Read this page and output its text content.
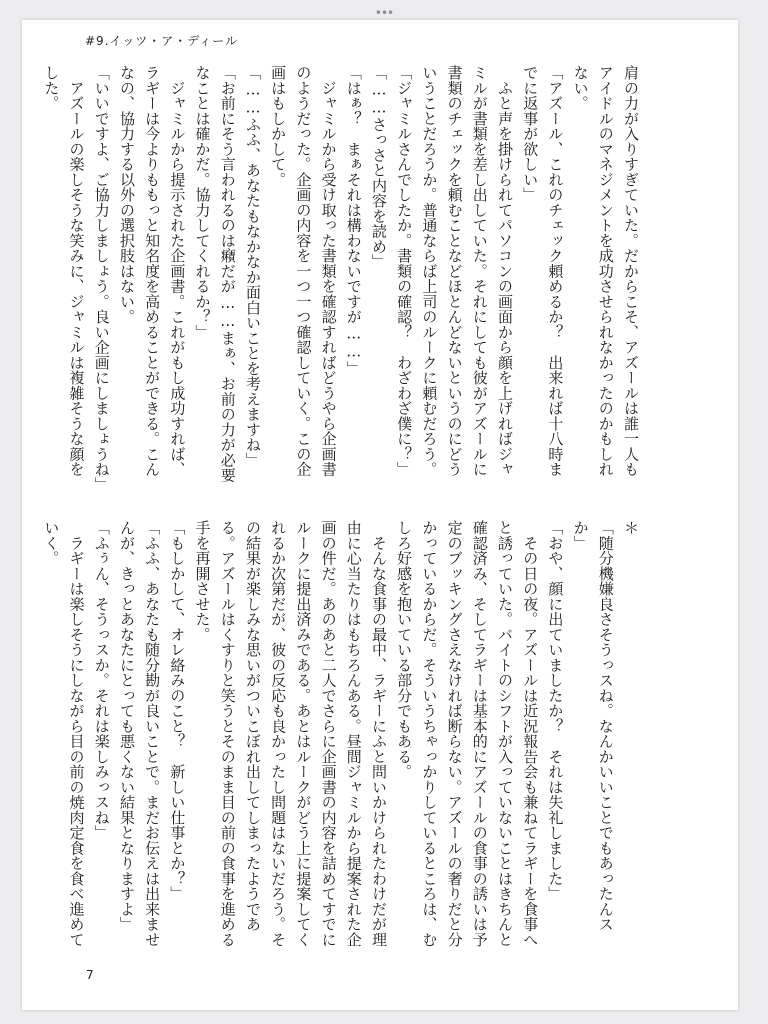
•••
#9.イッツ・ア・ディール

肩の力が入りすぎていた。だからこそ、アズールは誰一人もアイドルのマネジメントを成功させられなかったのかもしれない。

「アズール、これのチェック頼めるか？　出来れば十八時までに返事が欲しい」

　ふと声を掛けられてパソコンの画面から顔を上げればジャミルが書類を差し出していた。それにしても彼がアズールに書類のチェックを頼むことなどほとんどないというのにどういうことだろうか。普通ならば上司のルークに頼むだろう。

「ジャミルさんでしたか。書類の確認？　わざわざ僕に？」

「……さっさと内容を読め」

「はぁ？　まぁそれは構わないですが……」

　ジャミルから受け取った書類を確認すればどうやら企画書のようだった。企画の内容を一つ一つ確認していく。この企画はもしかして。

「……ふふ、あなたもなかなか面白いことを考えますね」

「お前にそう言われるのは癪だが……まぁ、お前の力が必要なことは確かだ。協力してくれるか？」

　ジャミルから提示された企画書。これがもし成功すれば、ラギーは今よりももっと知名度を高めることができる。こんなの、協力する以外の選択肢はない。

「いいですよ、ご協力しましょう。良い企画にしましょうね」

　アズールの楽しそうな笑みに、ジャミルは複雑そうな顔をした。

＊

「随分機嫌良さそうっスね。なんかいいことでもあったんスか」

「おや、顔に出ていましたか？　それは失礼しました」

　その日の夜。アズールは近況報告会も兼ねてラギーを食事へと誘っていた。バイトのシフトが入っていないことはきちんと確認済み、そしてラギーは基本的にアズールの食事の誘いは予定のブッキングさえなければ断らない。アズールの奢りだと分かっているからだ。そういうちゃっかりしているところは、むしろ好感を抱いている部分でもある。

　そんな食事の最中、ラギーにふと問いかけられたわけだが理由に心当たりはもちろんある。昼間ジャミルから提案された企画の件だ。あのあと二人でさらに企画書の内容を詰めてすでにルークに提出済みである。あとはルークがどう上に提案してくれるか次第だが、彼の反応も良かったし問題はないだろう。その結果が楽しみな思いがついこぼれ出してしまったようである。アズールはくすりと笑うとそのまま目の前の食事を進める手を再開させた。

「もしかして、オレ絡みのこと？　新しい仕事とか？」

「ふふ、あなたも随分勘が良いことで。まだお伝えは出来ませんが、きっとあなたにとっても悪くない結果となりますよ」

「ふぅん、そうっスか。それは楽しみっスね」

　ラギーは楽しそうにしながら目の前の焼肉定食を食べ進めていく。

7
